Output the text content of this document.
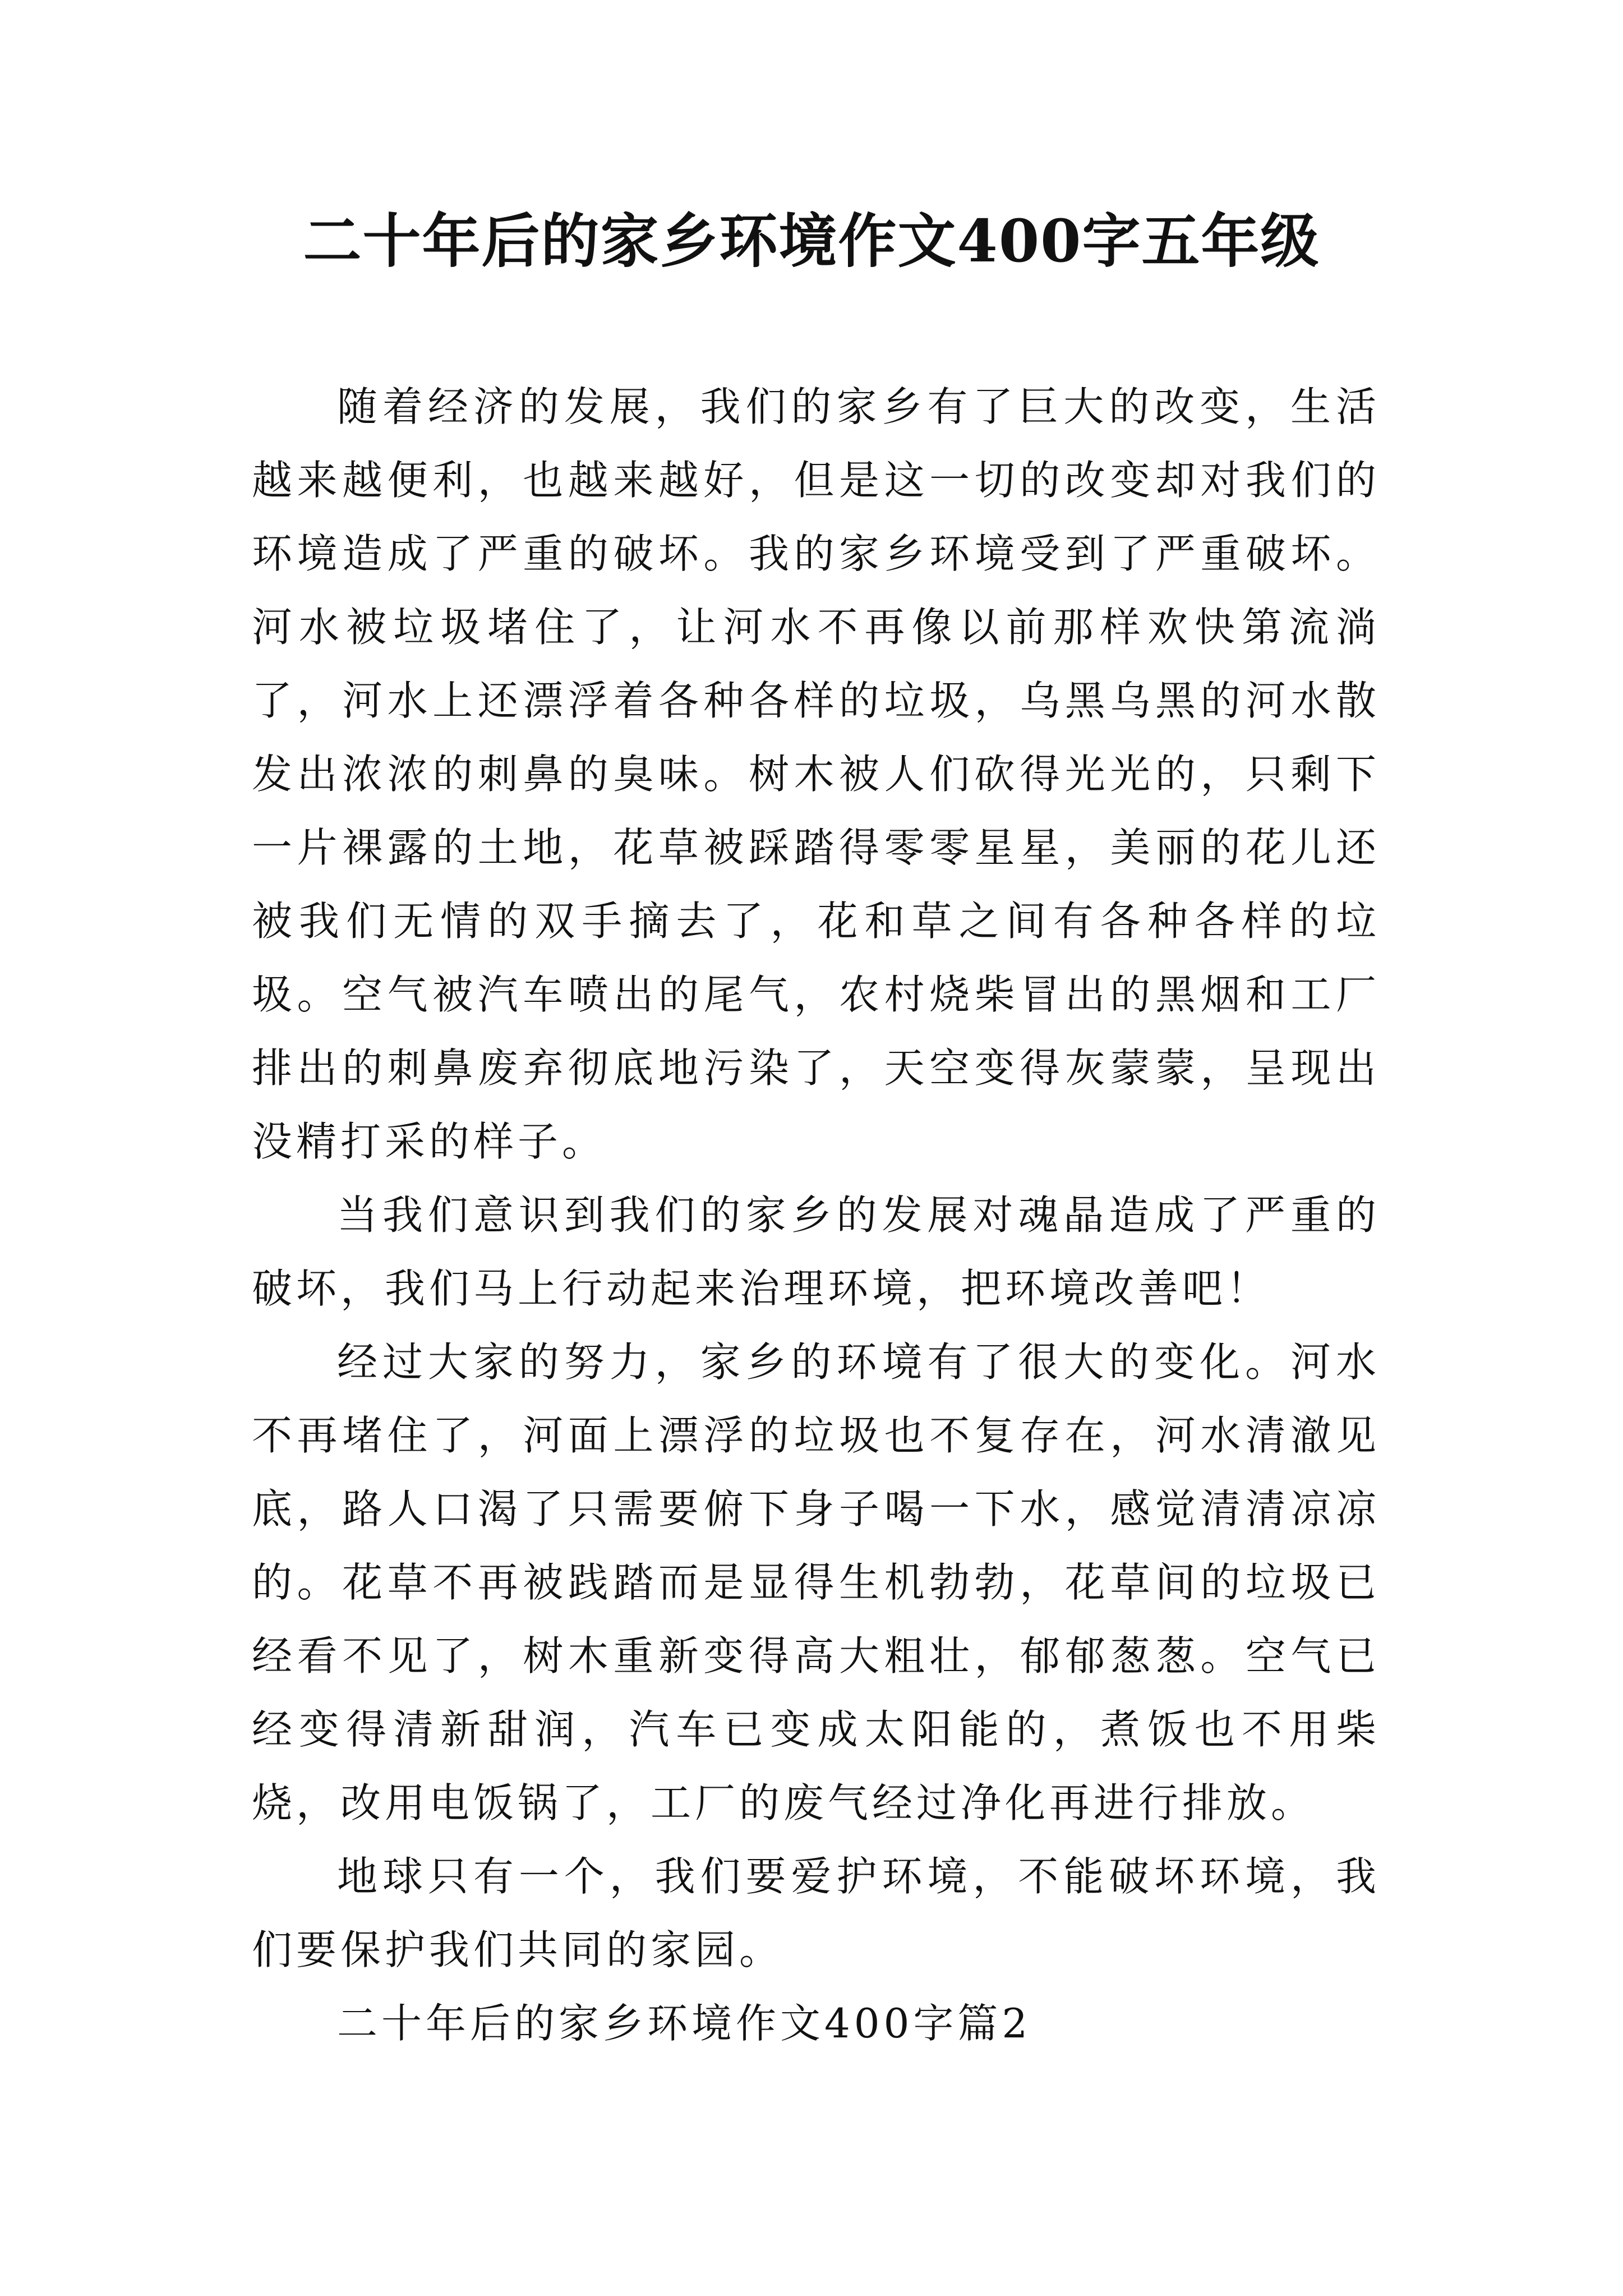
二十年后的家乡环境作文400字五年级

随着经济的发展，我们的家乡有了巨大的改变，生活越来越便利，也越来越好，但是这一切的改变却对我们的环境造成了严重的破坏。我的家乡环境受到了严重破坏。河水被垃圾堵住了，让河水不再像以前那样欢快第流淌了，河水上还漂浮着各种各样的垃圾，乌黑乌黑的河水散发出浓浓的刺鼻的臭味。树木被人们砍得光光的，只剩下一片裸露的土地，花草被踩踏得零零星星，美丽的花儿还被我们无情的双手摘去了，花和草之间有各种各样的垃圾。空气被汽车喷出的尾气，农村烧柴冒出的黑烟和工厂排出的刺鼻废弃彻底地污染了，天空变得灰蒙蒙，呈现出没精打采的样子。

当我们意识到我们的家乡的发展对魂晶造成了严重的破坏，我们马上行动起来治理环境，把环境改善吧！

经过大家的努力，家乡的环境有了很大的变化。河水不再堵住了，河面上漂浮的垃圾也不复存在，河水清澈见底，路人口渴了只需要俯下身子喝一下水，感觉清清凉凉的。花草不再被践踏而是显得生机勃勃，花草间的垃圾已经看不见了，树木重新变得高大粗壮，郁郁葱葱。空气已经变得清新甜润，汽车已变成太阳能的，煮饭也不用柴烧，改用电饭锅了，工厂的废气经过净化再进行排放。

地球只有一个，我们要爱护环境，不能破坏环境，我们要保护我们共同的家园。

二十年后的家乡环境作文400字篇2
